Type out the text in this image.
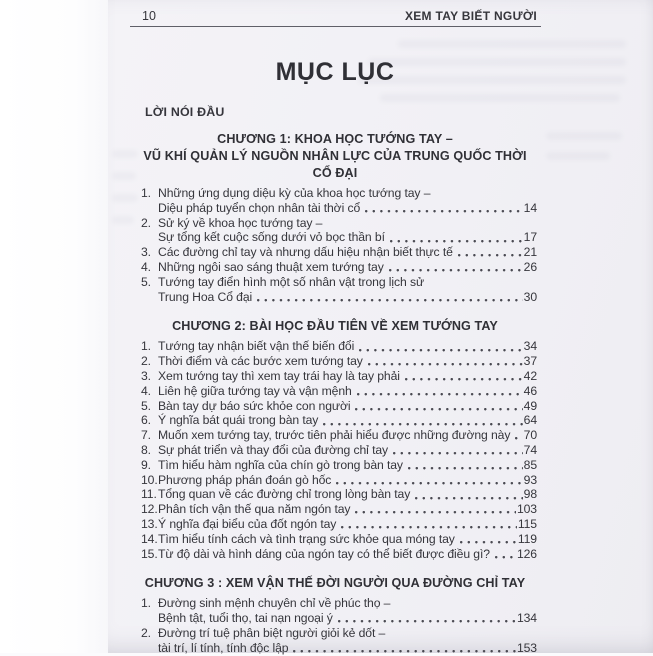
10	XEM TAY BIẾT NGƯỜI
MỤC LỤC
LỜI NÓI ĐẦU
CHƯƠNG 1: KHOA HỌC TƯỚNG TAY –
VŨ KHÍ QUẢN LÝ NGUỒN NHÂN LỰC CỦA TRUNG QUỐC THỜI CỔ ĐẠI
1. Những ứng dụng diệu kỳ của khoa học tướng tay –
Diệu pháp tuyển chọn nhân tài thời cổ	14
2. Sử ký về khoa học tướng tay –
Sự tổng kết cuộc sống dưới vỏ bọc thần bí	17
3. Các đường chỉ tay và nhưng dấu hiệu nhận biết thực tế	21
4. Những ngôi sao sáng thuật xem tướng tay	26
5. Tướng tay điển hình một số nhân vật trong lịch sử
Trung Hoa Cổ đại	30
CHƯƠNG 2: BÀI HỌC ĐẦU TIÊN VỀ XEM TƯỚNG TAY
1. Tướng tay nhận biết vận thế biến đổi	34
2. Thời điểm và các bước xem tướng tay	37
3. Xem tướng tay thì xem tay trái hay là tay phải	42
4. Liên hệ giữa tướng tay và vận mệnh	46
5. Bàn tay dự báo sức khỏe con người	49
6. Ý nghĩa bát quái trong bàn tay	64
7. Muốn xem tướng tay, trước tiên phải hiểu được những đường này 70
8. Sự phát triển và thay đổi của đường chỉ tay	74
9. Tìm hiểu hàm nghĩa của chín gò trong bàn tay	85
10. Phương pháp phán đoán gò hốc	93
11. Tổng quan về các đường chỉ trong lòng bàn tay	98
12. Phân tích vận thế qua năm ngón tay	103
13. Ý nghĩa đại biểu của đốt ngón tay	115
14. Tìm hiểu tính cách và tình trạng sức khỏe qua móng tay	119
15. Từ độ dài và hình dáng của ngón tay có thể biết được điều gì? 126
CHƯƠNG 3 : XEM VẬN THẾ ĐỜI NGƯỜI QUA ĐƯỜNG CHỈ TAY
1. Đường sinh mệnh chuyên chỉ về phúc thọ –
Bệnh tật, tuổi thọ, tai nạn ngoại ý	134
2. Đường trí tuệ phân biệt người giỏi kẻ dốt –
tài trí, lí tính, tính độc lập	153
